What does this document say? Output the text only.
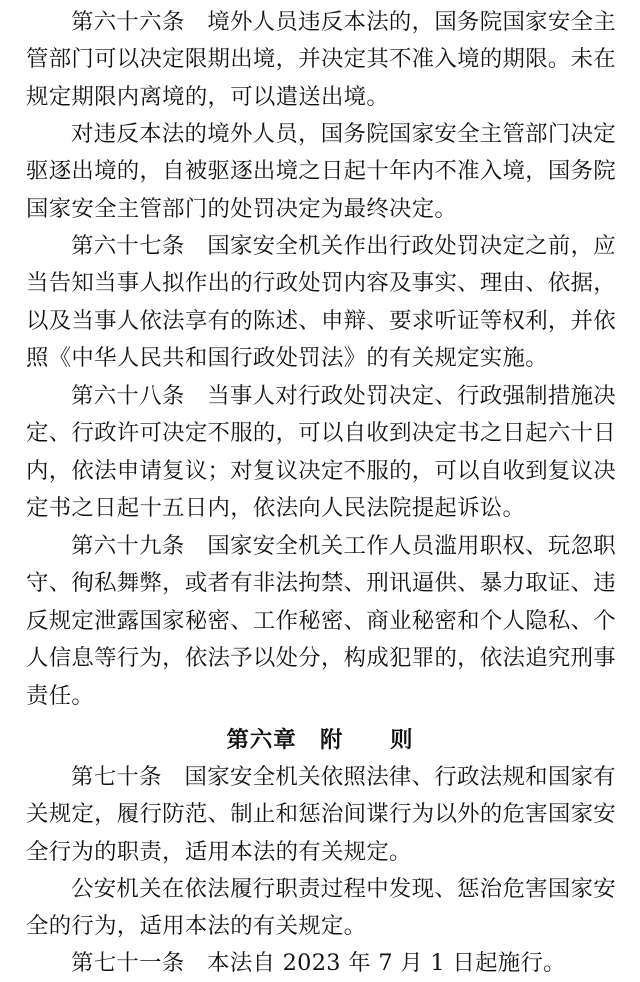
第六十六条　境外人员违反本法的，国务院国家安全主管部门可以决定限期出境，并决定其不准入境的期限。未在规定期限内离境的，可以遣送出境。

对违反本法的境外人员，国务院国家安全主管部门决定驱逐出境的，自被驱逐出境之日起十年内不准入境，国务院国家安全主管部门的处罚决定为最终决定。

第六十七条　国家安全机关作出行政处罚决定之前，应当告知当事人拟作出的行政处罚内容及事实、理由、依据，以及当事人依法享有的陈述、申辩、要求听证等权利，并依照《中华人民共和国行政处罚法》的有关规定实施。

第六十八条　当事人对行政处罚决定、行政强制措施决定、行政许可决定不服的，可以自收到决定书之日起六十日内，依法申请复议；对复议决定不服的，可以自收到复议决定书之日起十五日内，依法向人民法院提起诉讼。

第六十九条　国家安全机关工作人员滥用职权、玩忽职守、徇私舞弊，或者有非法拘禁、刑讯逼供、暴力取证、违反规定泄露国家秘密、工作秘密、商业秘密和个人隐私、个人信息等行为，依法予以处分，构成犯罪的，依法追究刑事责任。

第六章　附　　则

第七十条　国家安全机关依照法律、行政法规和国家有关规定，履行防范、制止和惩治间谍行为以外的危害国家安全行为的职责，适用本法的有关规定。

公安机关在依法履行职责过程中发现、惩治危害国家安全的行为，适用本法的有关规定。

第七十一条　本法自 2023 年 7 月 1 日起施行。
